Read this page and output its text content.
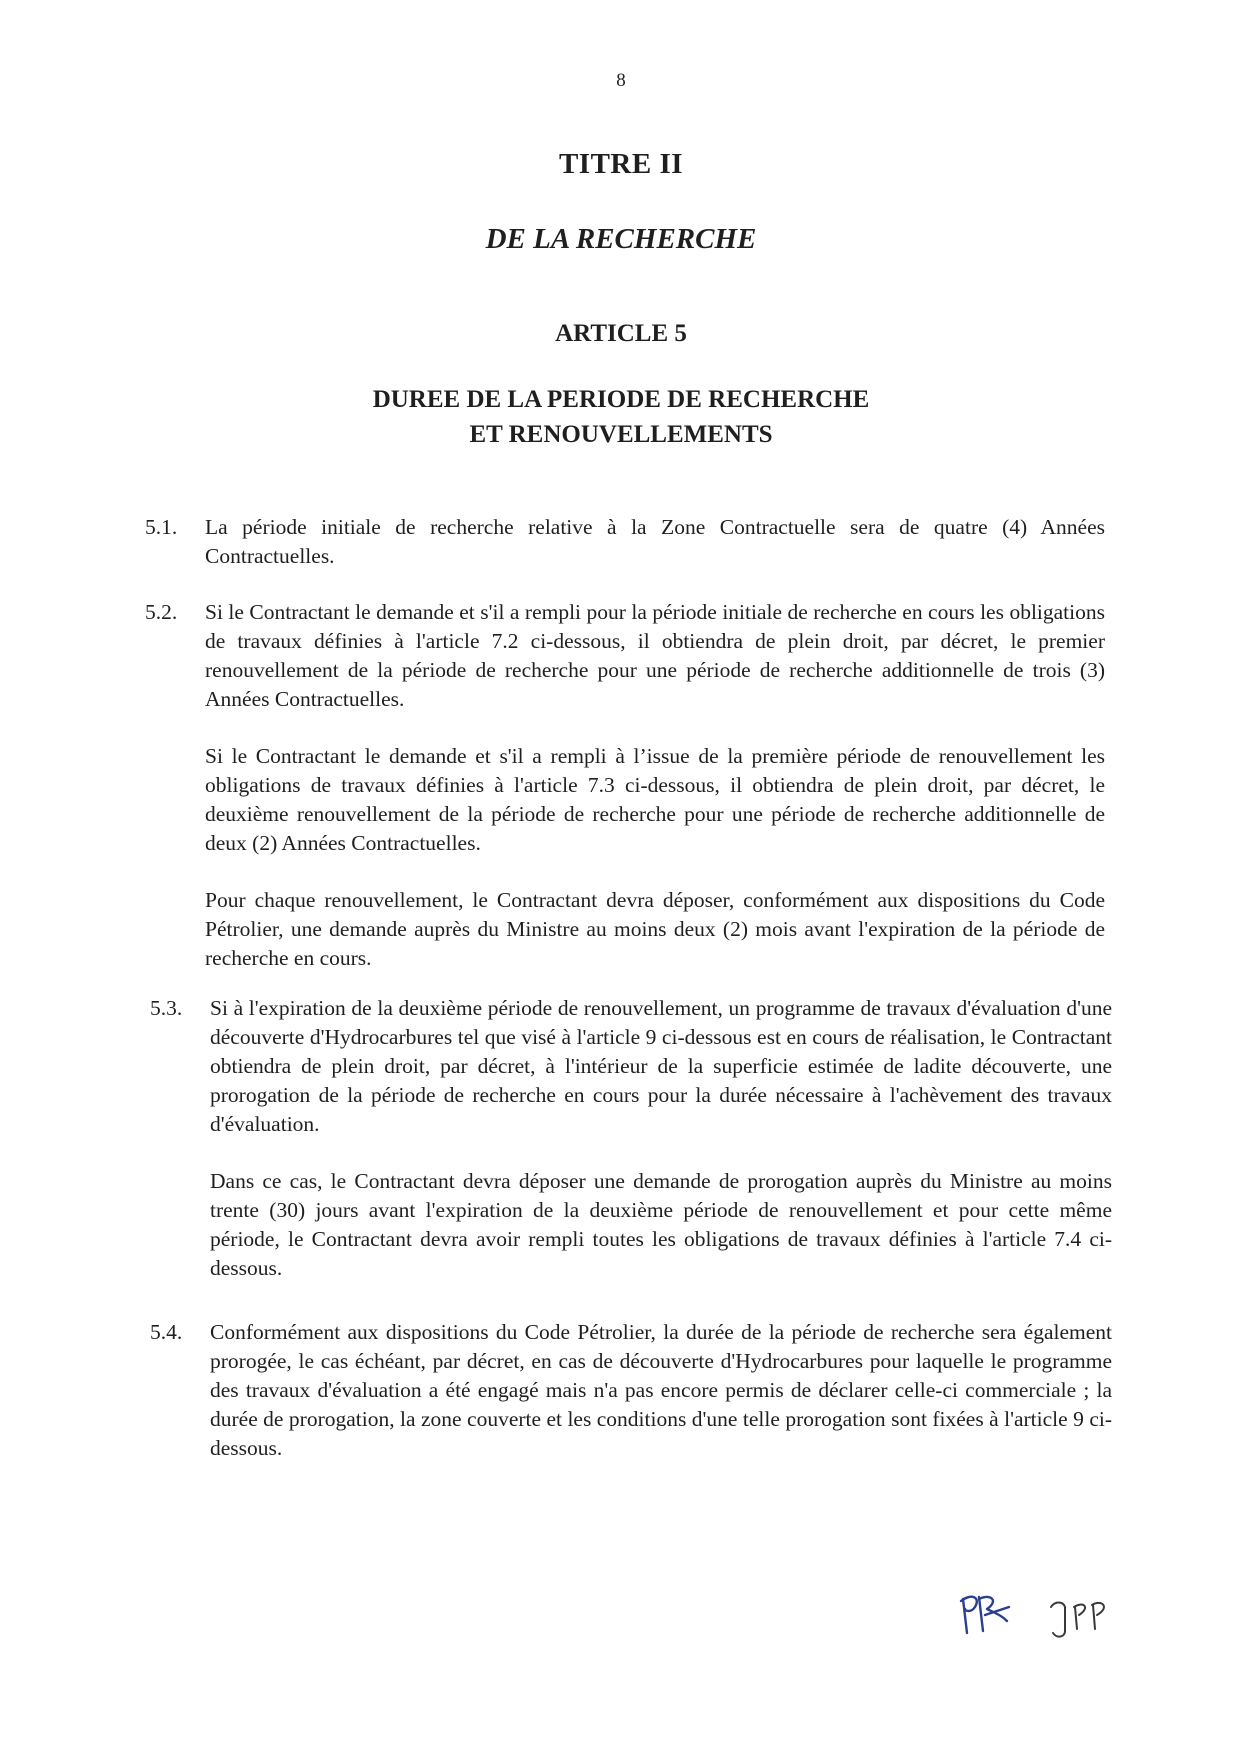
8
TITRE II
DE LA RECHERCHE
ARTICLE 5
DUREE DE LA PERIODE DE RECHERCHE
ET RENOUVELLEMENTS
5.1.	La période initiale de recherche relative à la Zone Contractuelle sera de quatre (4) Années Contractuelles.

5.2.	Si le Contractant le demande et s'il a rempli pour la période initiale de recherche en cours les obligations de travaux définies à l'article 7.2 ci-dessous, il obtiendra de plein droit, par décret, le premier renouvellement de la période de recherche pour une période de recherche additionnelle de trois (3) Années Contractuelles.

Si le Contractant le demande et s'il a rempli à l’issue de la première période de renouvellement les obligations de travaux définies à l'article 7.3 ci-dessous, il obtiendra de plein droit, par décret, le deuxième renouvellement de la période de recherche pour une période de recherche additionnelle de deux (2) Années Contractuelles.

Pour chaque renouvellement, le Contractant devra déposer, conformément aux dispositions du Code Pétrolier, une demande auprès du Ministre au moins deux (2) mois avant l'expiration de la période de recherche en cours.

5.3.	Si à l'expiration de la deuxième période de renouvellement, un programme de travaux d'évaluation d'une découverte d'Hydrocarbures tel que visé à l'article 9 ci-dessous est en cours de réalisation, le Contractant obtiendra de plein droit, par décret, à l'intérieur de la superficie estimée de ladite découverte, une prorogation de la période de recherche en cours pour la durée nécessaire à l'achèvement des travaux d'évaluation.

Dans ce cas, le Contractant devra déposer une demande de prorogation auprès du Ministre au moins trente (30) jours avant l'expiration de la deuxième période de renouvellement et pour cette même période, le Contractant devra avoir rempli toutes les obligations de travaux définies à l'article 7.4 ci-dessous.

5.4.	Conformément aux dispositions du Code Pétrolier, la durée de la période de recherche sera également prorogée, le cas échéant, par décret, en cas de découverte d'Hydrocarbures pour laquelle le programme des travaux d'évaluation a été engagé mais n'a pas encore permis de déclarer celle-ci commerciale ; la durée de prorogation, la zone couverte et les conditions d'une telle prorogation sont fixées à l'article 9 ci-dessous.
